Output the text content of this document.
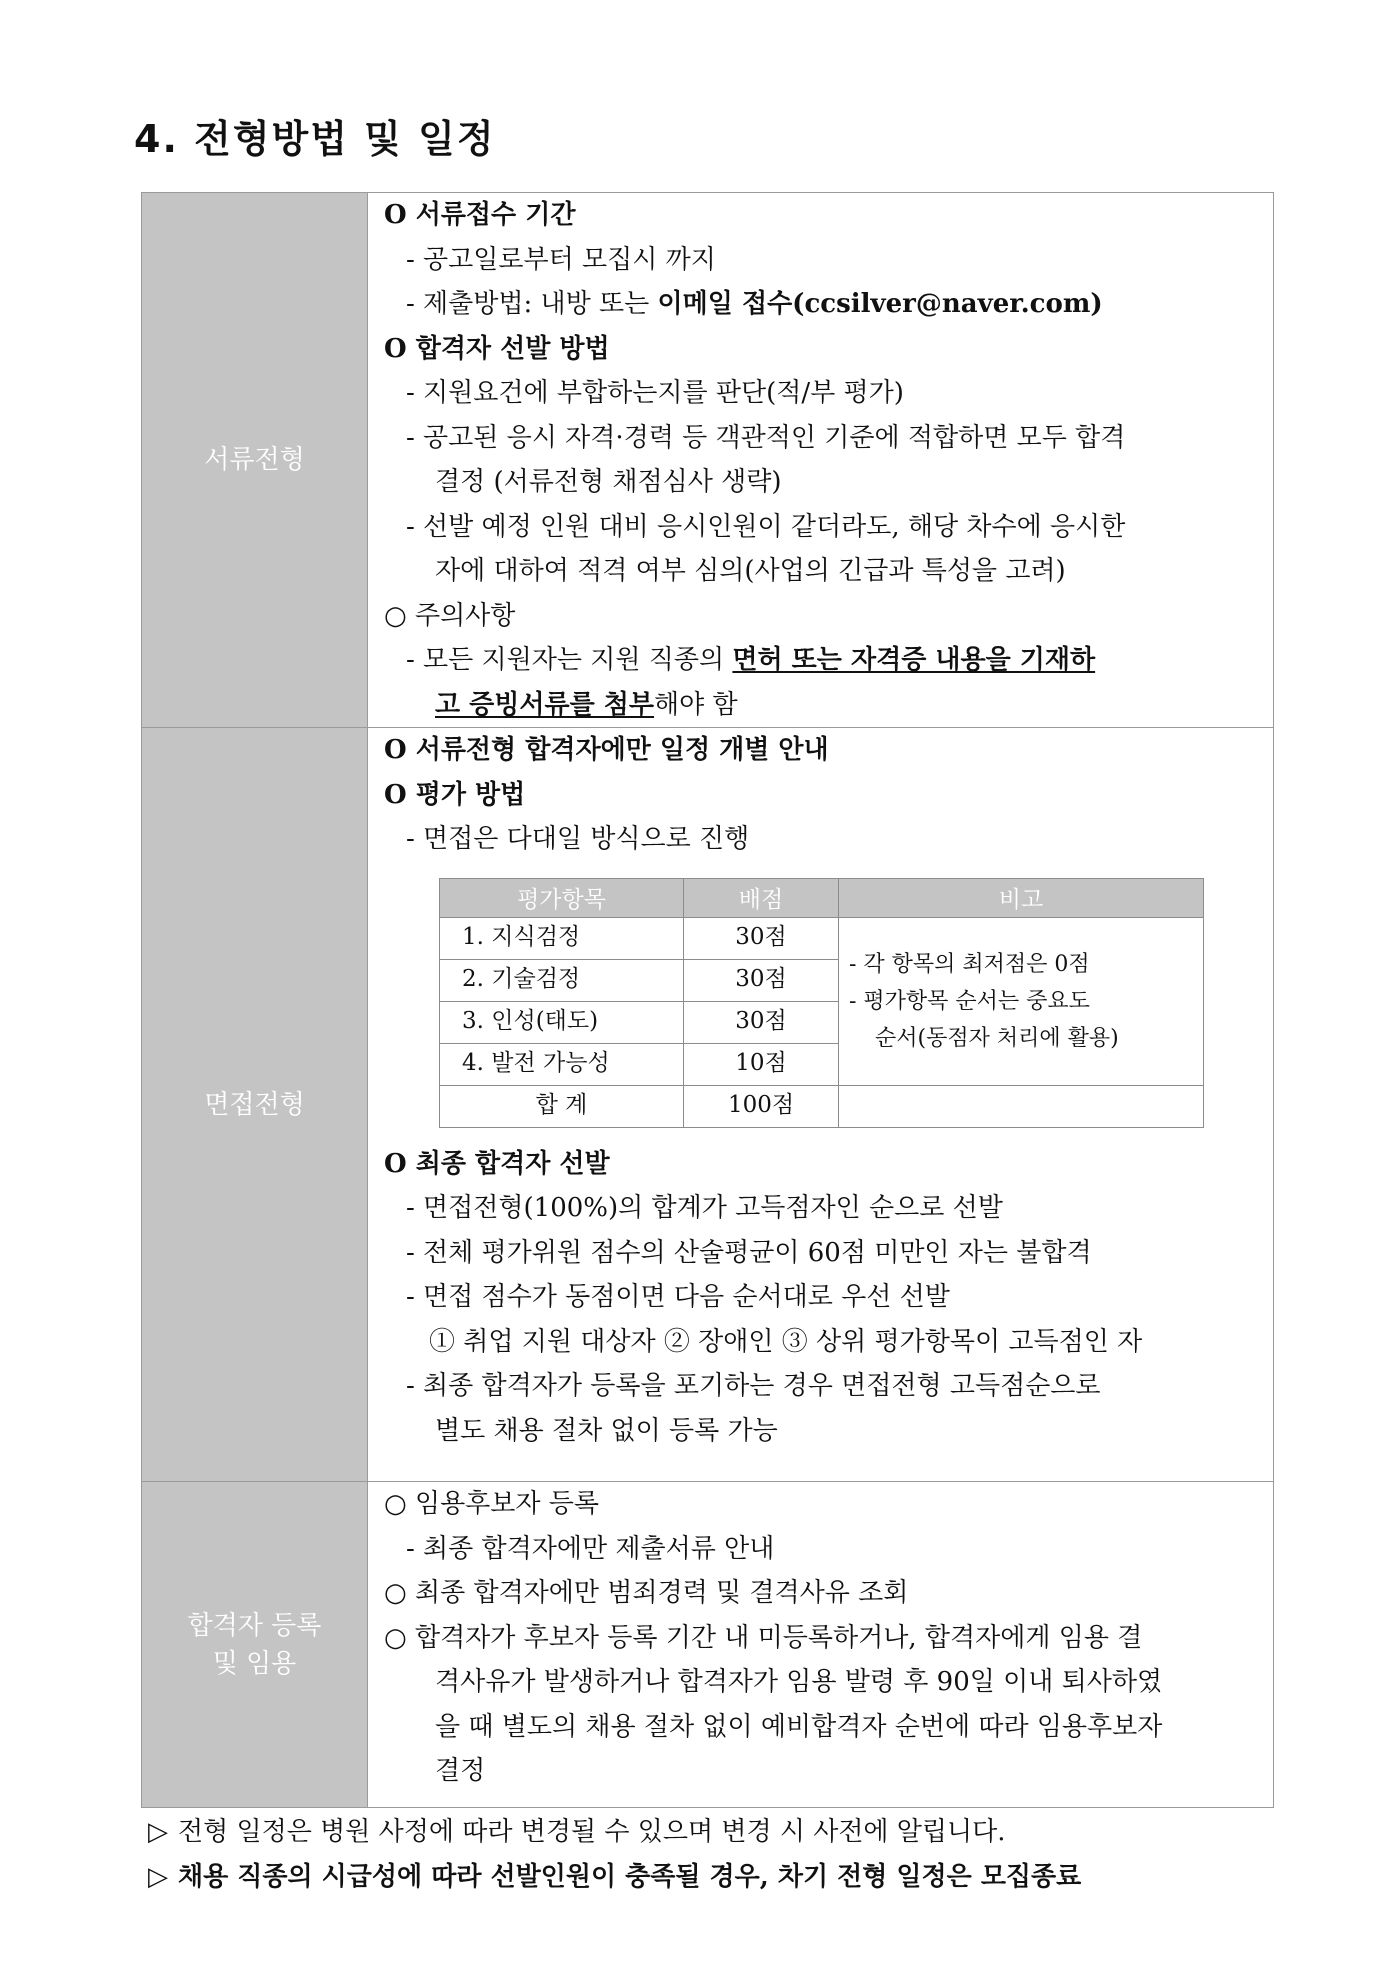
4. 전형방법 및 일정
서류전형	
O 서류접수 기간
- 공고일로부터 모집시 까지
- 제출방법: 내방 또는 이메일 접수(ccsilver@naver.com)
O 합격자 선발 방법
- 지원요건에 부합하는지를 판단(적/부 평가)
- 공고된 응시 자격·경력 등 객관적인 기준에 적합하면 모두 합격
결정 (서류전형 채점심사 생략)
- 선발 예정 인원 대비 응시인원이 같더라도, 해당 차수에 응시한
자에 대하여 적격 여부 심의(사업의 긴급과 특성을 고려)
○ 주의사항
- 모든 지원자는 지원 직종의 면허 또는 자격증 내용을 기재하
고 증빙서류를 첨부해야 함

면접전형	
O 서류전형 합격자에만 일정 개별 안내
O 평가 방법
- 면접은 다대일 방식으로 진행
평가항목	배점	비고
1. 지식검정	30점	
- 각 항목의 최저점은 0점
- 평가항목 순서는 중요도
순서(동점자 처리에 활용)

2. 기술검정	30점
3. 인성(태도)	30점
4. 발전 가능성	10점
합 계	100점	
O 최종 합격자 선발
- 면접전형(100%)의 합계가 고득점자인 순으로 선발
- 전체 평가위원 점수의 산술평균이 60점 미만인 자는 불합격
- 면접 점수가 동점이면 다음 순서대로 우선 선발
① 취업 지원 대상자 ② 장애인 ③ 상위 평가항목이 고득점인 자
- 최종 합격자가 등록을 포기하는 경우 면접전형 고득점순으로
별도 채용 절차 없이 등록 가능

합격자 등록
및 임용

○ 임용후보자 등록
- 최종 합격자에만 제출서류 안내
○ 최종 합격자에만 범죄경력 및 결격사유 조회
○ 합격자가 후보자 등록 기간 내 미등록하거나, 합격자에게 임용 결
격사유가 발생하거나 합격자가 임용 발령 후 90일 이내 퇴사하였
을 때 별도의 채용 절차 없이 예비합격자 순번에 따라 임용후보자
결정
▷ 전형 일정은 병원 사정에 따라 변경될 수 있으며 변경 시 사전에 알립니다.
▷ 채용 직종의 시급성에 따라 선발인원이 충족될 경우, 차기 전형 일정은 모집종료
